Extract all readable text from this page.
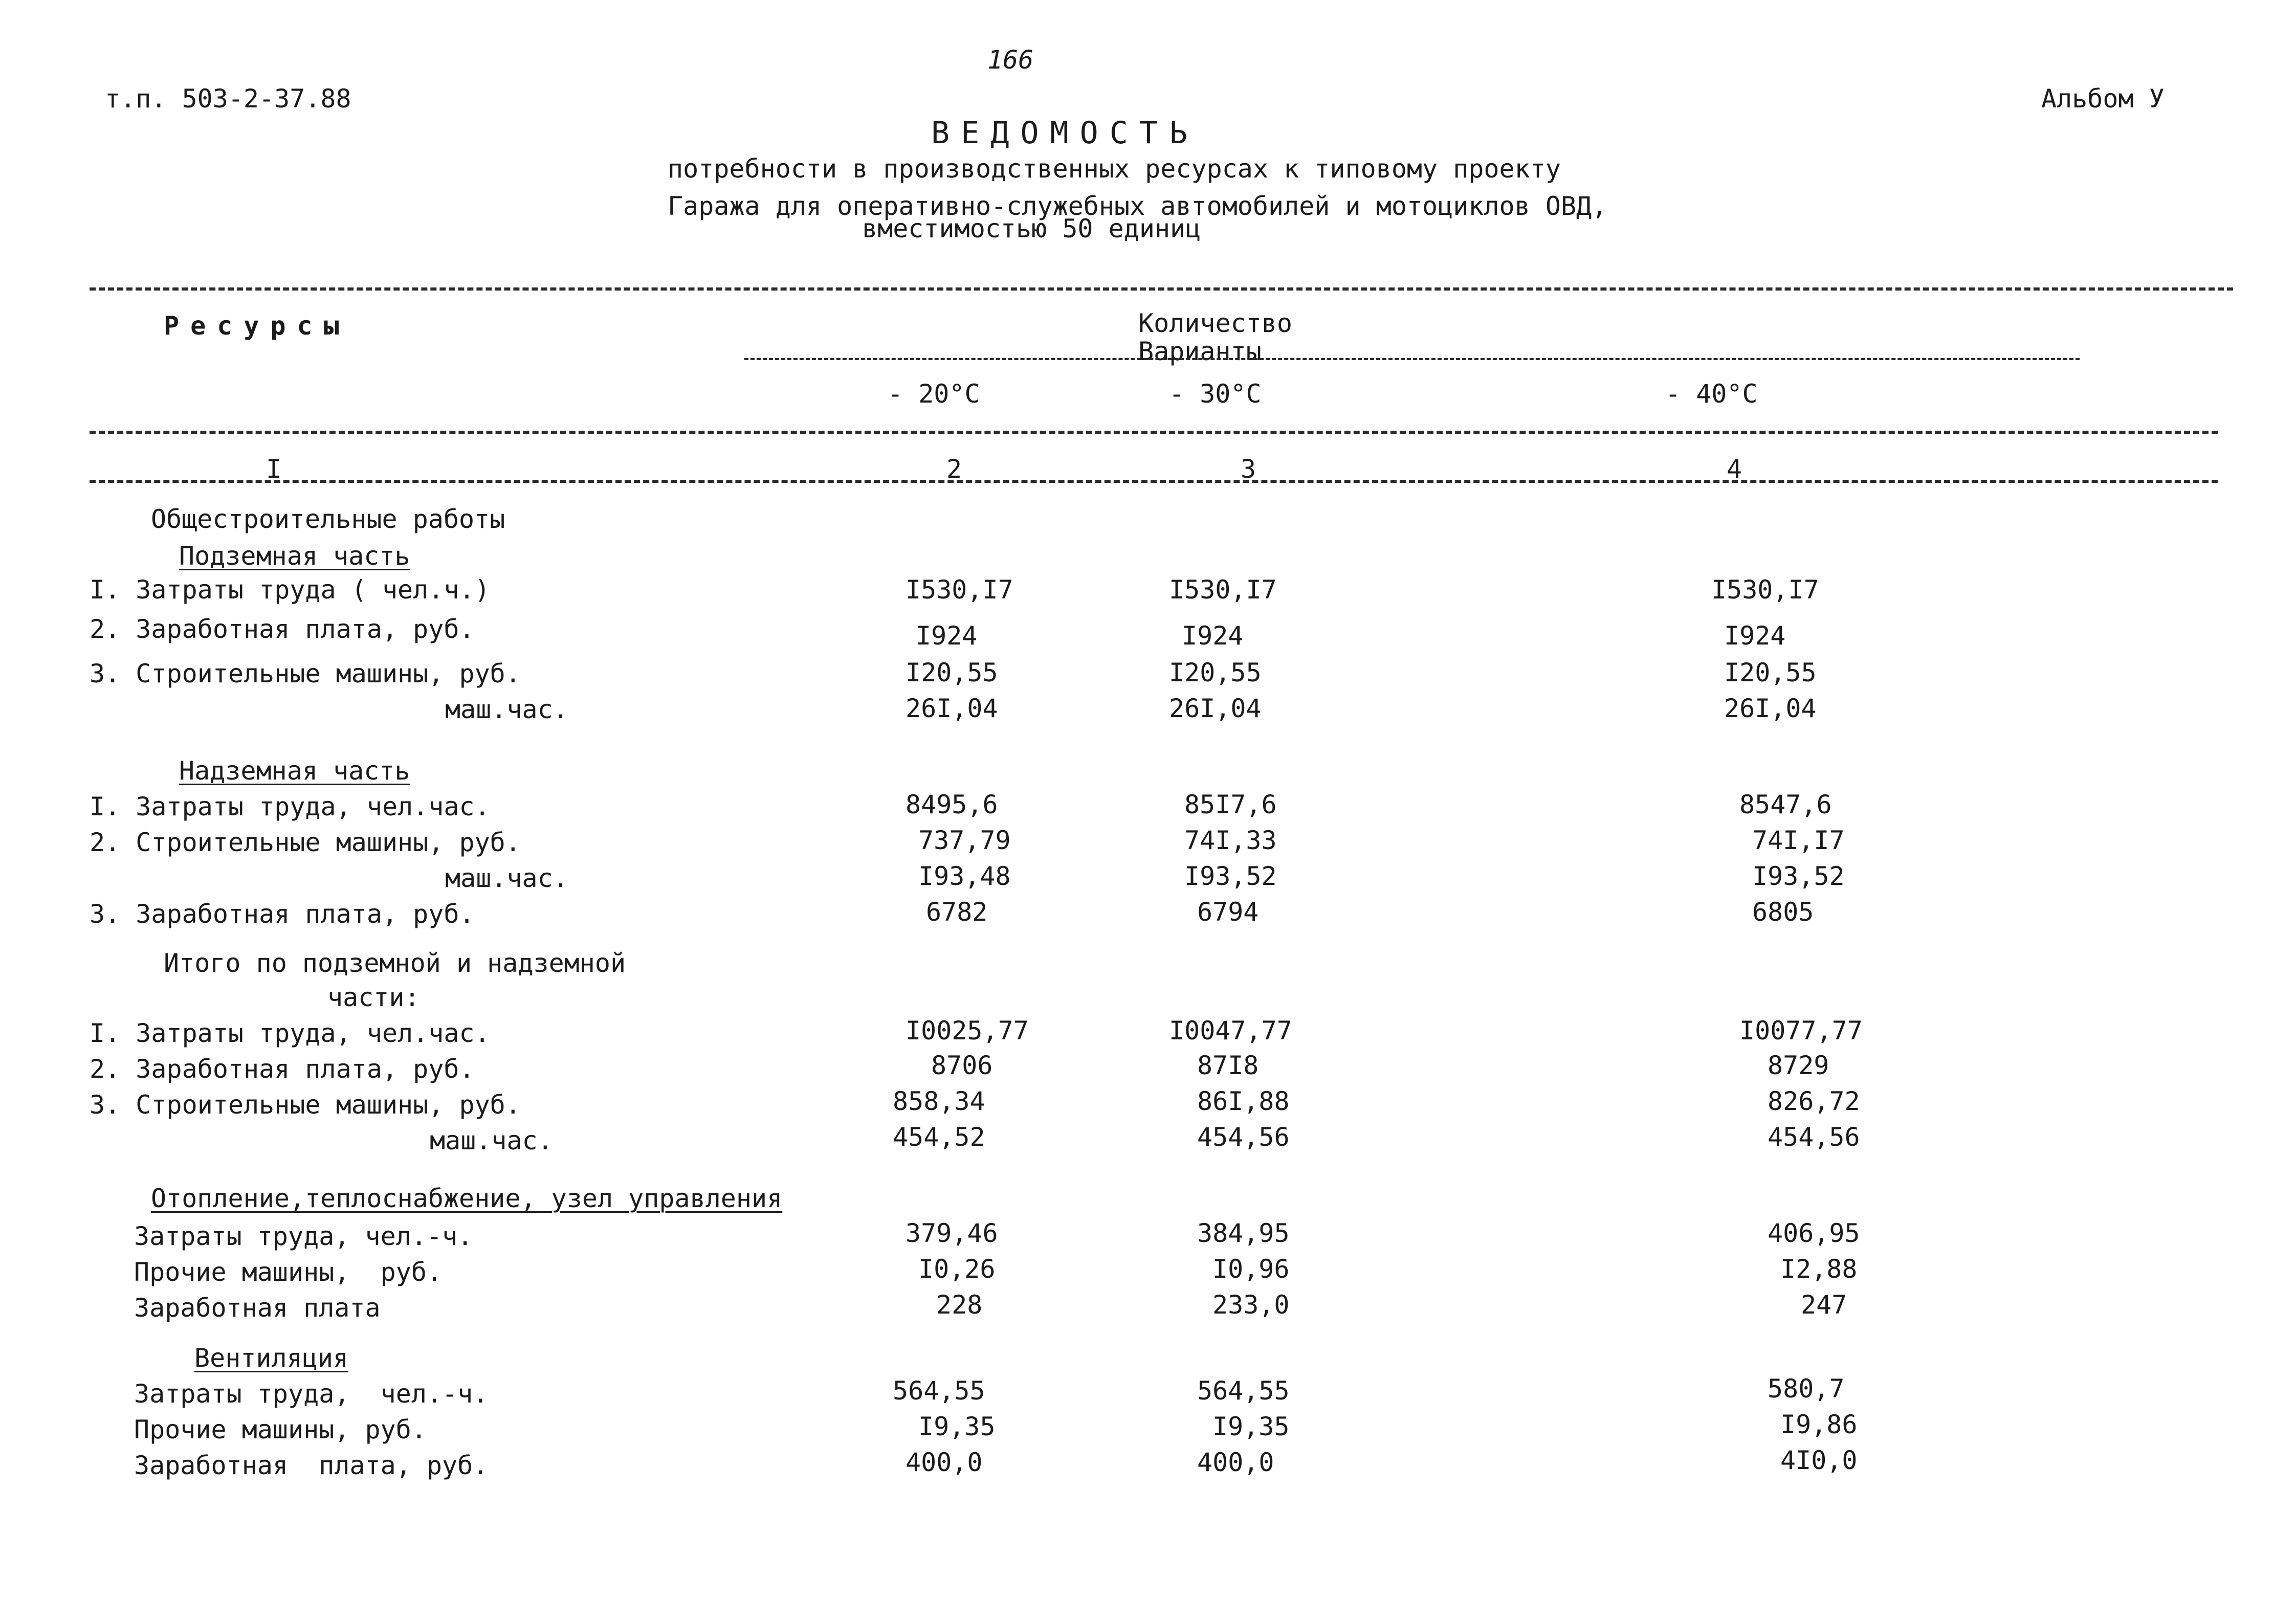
166
т.п. 503-2-37.88	Альбом У
ВЕДОМОСТЬ
потребности в производственных ресурсах к типовому проекту
Гаража для оперативно-служебных автомобилей и мотоциклов ОВД,
вместимостью 50 единиц
Ресурсы	Количество
Варианты
- 20°С	- 30°С	- 40°С
I	2	3	4
Общестроительные работы
Подземная часть
I. Затраты труда ( чел.ч.)	I530,I7	I530,I7	I530,I7
2. Заработная плата, руб.	I924	I924	I924
3. Строительные машины, руб.	I20,55	I20,55	I20,55
маш.час.	26I,04	26I,04	26I,04
Надземная часть
I. Затраты труда, чел.час.	8495,6	85I7,6	8547,6
2. Строительные машины, руб.	737,79	74I,33	74I,I7
маш.час.	I93,48	I93,52	I93,52
3. Заработная плата, руб.	6782	6794	6805
Итого по подземной и надземной
части:
I. Затраты труда, чел.час.	I0025,77	I0047,77	I0077,77
2. Заработная плата, руб.	8706	87I8	8729
3. Строительные машины, руб.	858,34	86I,88	826,72
маш.час.	454,52	454,56	454,56
Отопление,теплоснабжение, узел управления
Затраты труда, чел.-ч.	379,46	384,95	406,95
Прочие машины,  руб.	I0,26	I0,96	I2,88
Заработная плата	228	233,0	247
Вентиляция
Затраты труда,  чел.-ч.	564,55	564,55	580,7
Прочие машины, руб.	I9,35	I9,35	I9,86
Заработная  плата, руб.	400,0	400,0	4I0,0
